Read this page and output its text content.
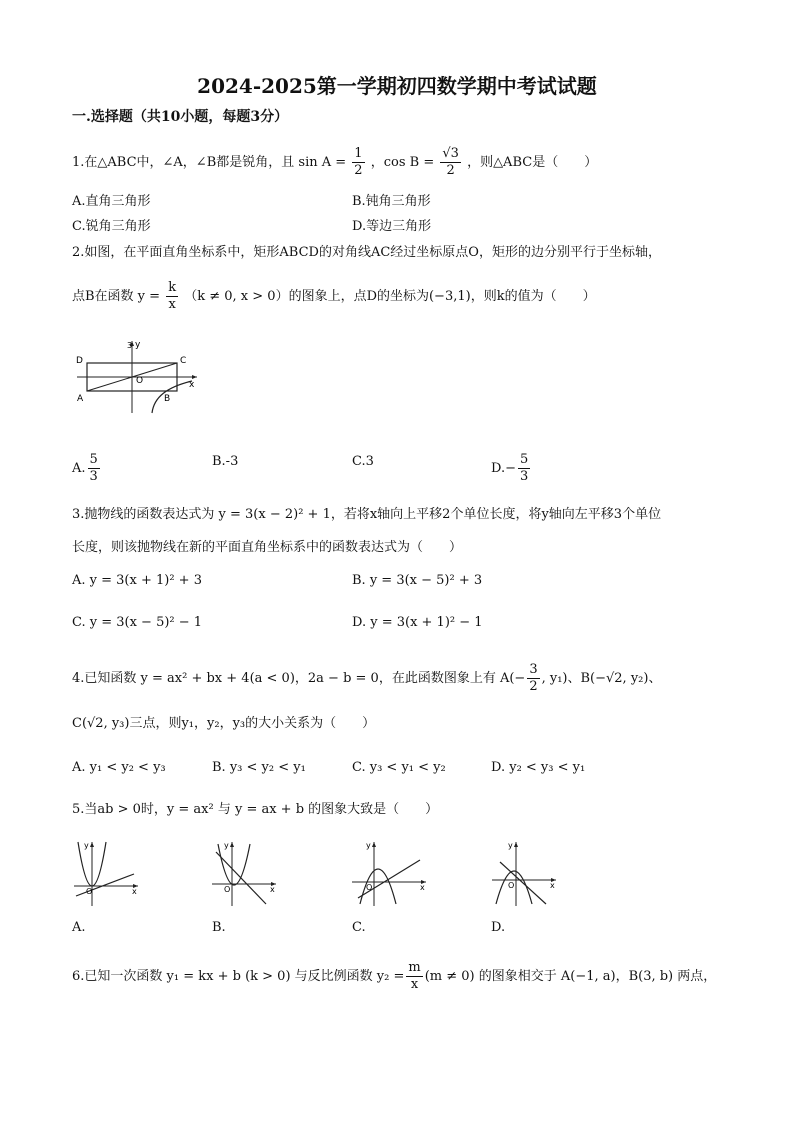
2024-2025第一学期初四数学期中考试试题
一.选择题（共10小题，每题3分）
1.在△ABC中，∠A，∠B都是锐角，且 $\sin A = \frac{1}{2}$ ，$\cos B = \frac{√3}{2}$ ，则△ABC是（　　）
A.直角三角形	B.钝角三角形
C.锐角三角形	D.等边三角形
2.如图，在平面直角坐标系中，矩形ABCD的对角线AC经过坐标原点O，矩形的边分别平行于坐标轴，
点B在函数 $y = \frac{k}{x} (k \ne 0$, x > 0）的图象上，点D的坐标为(−3,1)，则k的值为（　　）
D	C
A	B
O	x
3 y
A. $\frac{5}{3}$	B.-3	C.3	$D.- \frac{5}{3}$
3.抛物线的函数表达式为 y = 3(x − 2)² + 1，若将x轴向上平移2个单位长度，将y轴向左平移3个单位
长度，则该抛物线在新的平面直角坐标系中的函数表达式为（　　）
A. y = 3(x + 1)² + 3	B. y = 3(x − 5)² + 3
C. y = 3(x − 5)² − 1	D. y = 3(x + 1)² − 1
4.已知函数 y = ax² + bx + 4(a < 0)，2a − b = 0，在此函数图象上有 $A(- \frac{3}{2}$ , y₁)、B(−√2, y₂)、
C(√2, y₃)三点，则y₁，y₂，y₃的大小关系为（　　）
A. y₁ < y₂ < y₃	B. y₃ < y₂ < y₁	C. y₃ < y₁ < y₂	D. y₂ < y₃ < y₁
5.当ab > 0时，y = ax² 与 y = ax + b 的图象大致是（　　）
y
O	x
A.
y
O	x
B.
y
O	x
C.
y
O	x
D.
6.已知一次函数 y₁ = kx + b (k > 0) 与反比例函数 $y_2 = \frac{m}{x} (m \ne 0)$ 的图象相交于 A(−1, a)，B(3, b) 两点，
